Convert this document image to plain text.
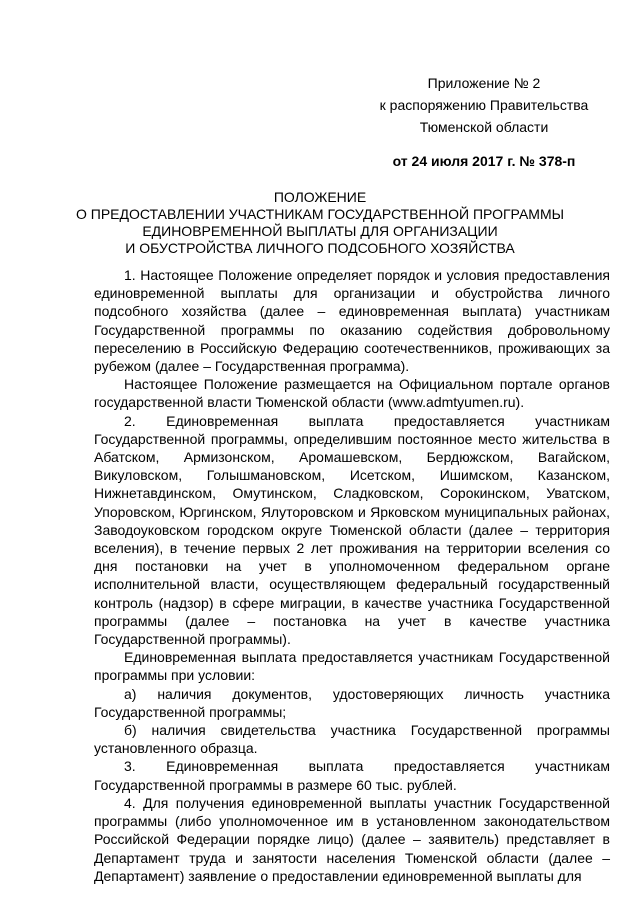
Приложение № 2
к распоряжению Правительства
Тюменской области
от 24 июля 2017 г. № 378-п
ПОЛОЖЕНИЕ
О ПРЕДОСТАВЛЕНИИ УЧАСТНИКАМ ГОСУДАРСТВЕННОЙ ПРОГРАММЫ
ЕДИНОВРЕМЕННОЙ ВЫПЛАТЫ ДЛЯ ОРГАНИЗАЦИИ
И ОБУСТРОЙСТВА ЛИЧНОГО ПОДСОБНОГО ХОЗЯЙСТВА

1. Настоящее Положение определяет порядок и условия предоставления единовременной выплаты для организации и обустройства личного подсобного хозяйства (далее – единовременная выплата) участникам Государственной программы по оказанию содействия добровольному переселению в Российскую Федерацию соотечественников, проживающих за рубежом (далее – Государственная программа).

Настоящее Положение размещается на Официальном портале органов государственной власти Тюменской области (www.admtyumen.ru).

2. Единовременная выплата предоставляется участникам Государственной программы, определившим постоянное место жительства в Абатском, Армизонском, Аромашевском, Бердюжском, Вагайском, Викуловском, Голышмановском, Исетском, Ишимском, Казанском, Нижнетавдинском, Омутинском, Сладковском, Сорокинском, Уватском, Упоровском, Юргинском, Ялуторовском и Ярковском муниципальных районах, Заводоуковском городском округе Тюменской области (далее – территория вселения), в течение первых 2 лет проживания на территории вселения со дня постановки на учет в уполномоченном федеральном органе исполнительной власти, осуществляющем федеральный государственный контроль (надзор) в сфере миграции, в качестве участника Государственной программы (далее – постановка на учет в качестве участника Государственной программы).

Единовременная выплата предоставляется участникам Государственной программы при условии:

а) наличия документов, удостоверяющих личность участника Государственной программы;

б) наличия свидетельства участника Государственной программы установленного образца.

3. Единовременная выплата предоставляется участникам Государственной программы в размере 60 тыс. рублей.

4. Для получения единовременной выплаты участник Государственной программы (либо уполномоченное им в установленном законодательством Российской Федерации порядке лицо) (далее – заявитель) представляет в Департамент труда и занятости населения Тюменской области (далее – Департамент) заявление о предоставлении единовременной выплаты для
